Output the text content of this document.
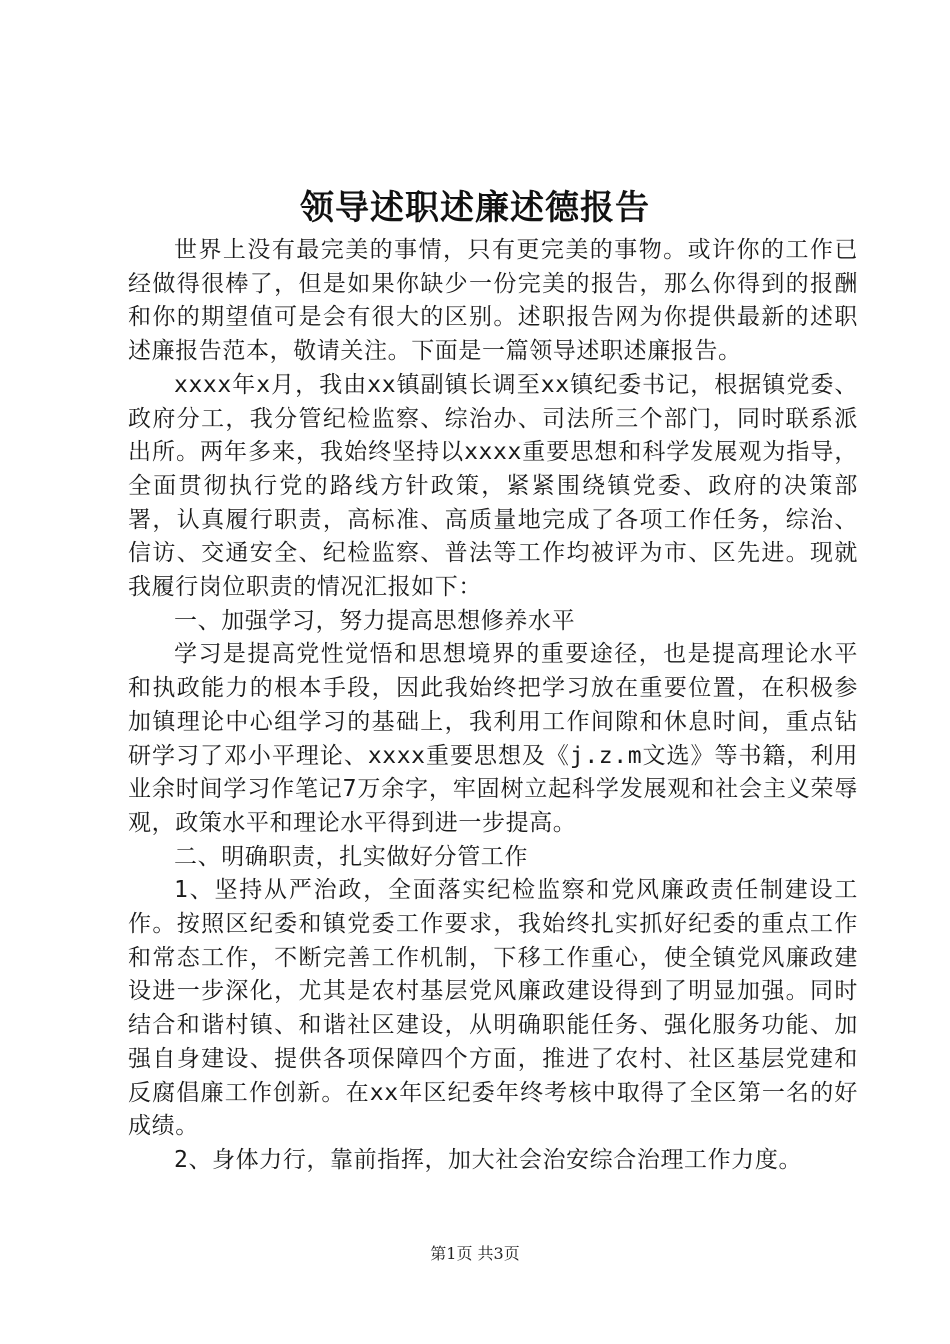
领导述职述廉述德报告

世界上没有最完美的事情，只有更完美的事物。或许你的工作已经做得很棒了，但是如果你缺少一份完美的报告，那么你得到的报酬和你的期望值可是会有很大的区别。述职报告网为你提供最新的述职述廉报告范本，敬请关注。下面是一篇领导述职述廉报告。

xxxx年x月，我由xx镇副镇长调至xx镇纪委书记，根据镇党委、政府分工，我分管纪检监察、综治办、司法所三个部门，同时联系派出所。两年多来，我始终坚持以xxxx重要思想和科学发展观为指导，全面贯彻执行党的路线方针政策，紧紧围绕镇党委、政府的决策部署，认真履行职责，高标准、高质量地完成了各项工作任务，综治、信访、交通安全、纪检监察、普法等工作均被评为市、区先进。现就我履行岗位职责的情况汇报如下：

一、加强学习，努力提高思想修养水平

学习是提高党性觉悟和思想境界的重要途径，也是提高理论水平和执政能力的根本手段，因此我始终把学习放在重要位置，在积极参加镇理论中心组学习的基础上，我利用工作间隙和休息时间，重点钻研学习了邓小平理论、xxxx重要思想及《j.z.m文选》等书籍，利用业余时间学习作笔记7万余字，牢固树立起科学发展观和社会主义荣辱观，政策水平和理论水平得到进一步提高。

二、明确职责，扎实做好分管工作

1、坚持从严治政，全面落实纪检监察和党风廉政责任制建设工作。按照区纪委和镇党委工作要求，我始终扎实抓好纪委的重点工作和常态工作，不断完善工作机制，下移工作重心，使全镇党风廉政建设进一步深化，尤其是农村基层党风廉政建设得到了明显加强。同时结合和谐村镇、和谐社区建设，从明确职能任务、强化服务功能、加强自身建设、提供各项保障四个方面，推进了农村、社区基层党建和反腐倡廉工作创新。在xx年区纪委年终考核中取得了全区第一名的好成绩。

2、身体力行，靠前指挥，加大社会治安综合治理工作力度。

第1页 共3页
